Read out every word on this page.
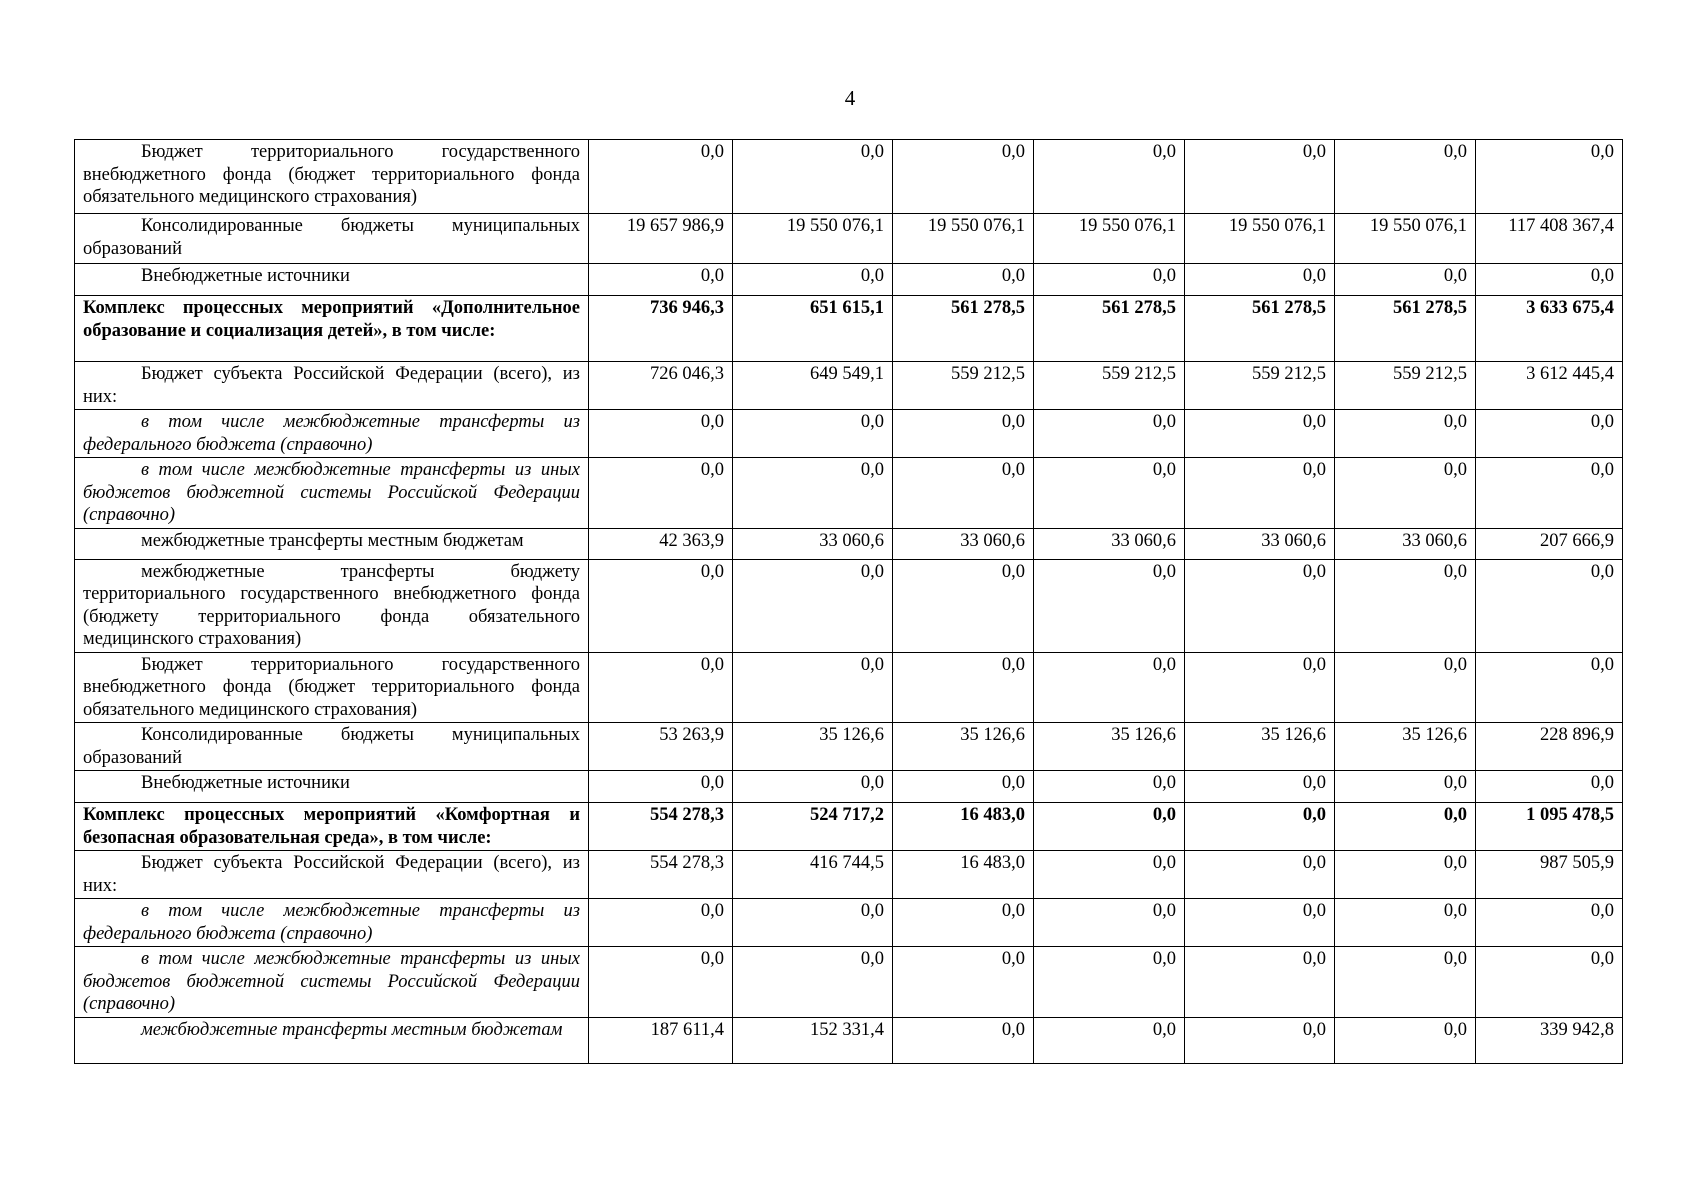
4
Бюджет территориального государственного внебюджетного фонда (бюджет территориального фонда обязательного медицинского страхования)	0,0	0,0	0,0	0,0	0,0	0,0	0,0

Консолидированные бюджеты муниципальных образований	19 657 986,9	19 550 076,1	19 550 076,1	19 550 076,1	19 550 076,1	19 550 076,1	117 408 367,4

Внебюджетные источники	0,0	0,0	0,0	0,0	0,0	0,0	0,0

Комплекс процессных мероприятий «Дополнительное образование и социализация детей», в том числе:	736 946,3	651 615,1	561 278,5	561 278,5	561 278,5	561 278,5	3 633 675,4

Бюджет субъекта Российской Федерации (всего), из них:	726 046,3	649 549,1	559 212,5	559 212,5	559 212,5	559 212,5	3 612 445,4

в том числе межбюджетные трансферты из федерального бюджета (справочно)	0,0	0,0	0,0	0,0	0,0	0,0	0,0

в том числе межбюджетные трансферты из иных бюджетов бюджетной системы Российской Федерации (справочно)	0,0	0,0	0,0	0,0	0,0	0,0	0,0

межбюджетные трансферты местным бюджетам	42 363,9	33 060,6	33 060,6	33 060,6	33 060,6	33 060,6	207 666,9

межбюджетные трансферты бюджету территориального государственного внебюджетного фонда (бюджету территориального фонда обязательного медицинского страхования)	0,0	0,0	0,0	0,0	0,0	0,0	0,0

Бюджет территориального государственного внебюджетного фонда (бюджет территориального фонда обязательного медицинского страхования)	0,0	0,0	0,0	0,0	0,0	0,0	0,0

Консолидированные бюджеты муниципальных образований	53 263,9	35 126,6	35 126,6	35 126,6	35 126,6	35 126,6	228 896,9

Внебюджетные источники	0,0	0,0	0,0	0,0	0,0	0,0	0,0

Комплекс процессных мероприятий «Комфортная и безопасная образовательная среда», в том числе:	554 278,3	524 717,2	16 483,0	0,0	0,0	0,0	1 095 478,5

Бюджет субъекта Российской Федерации (всего), из них:	554 278,3	416 744,5	16 483,0	0,0	0,0	0,0	987 505,9

в том числе межбюджетные трансферты из федерального бюджета (справочно)	0,0	0,0	0,0	0,0	0,0	0,0	0,0

в том числе межбюджетные трансферты из иных бюджетов бюджетной системы Российской Федерации (справочно)	0,0	0,0	0,0	0,0	0,0	0,0	0,0

межбюджетные трансферты местным бюджетам	187 611,4	152 331,4	0,0	0,0	0,0	0,0	339 942,8
